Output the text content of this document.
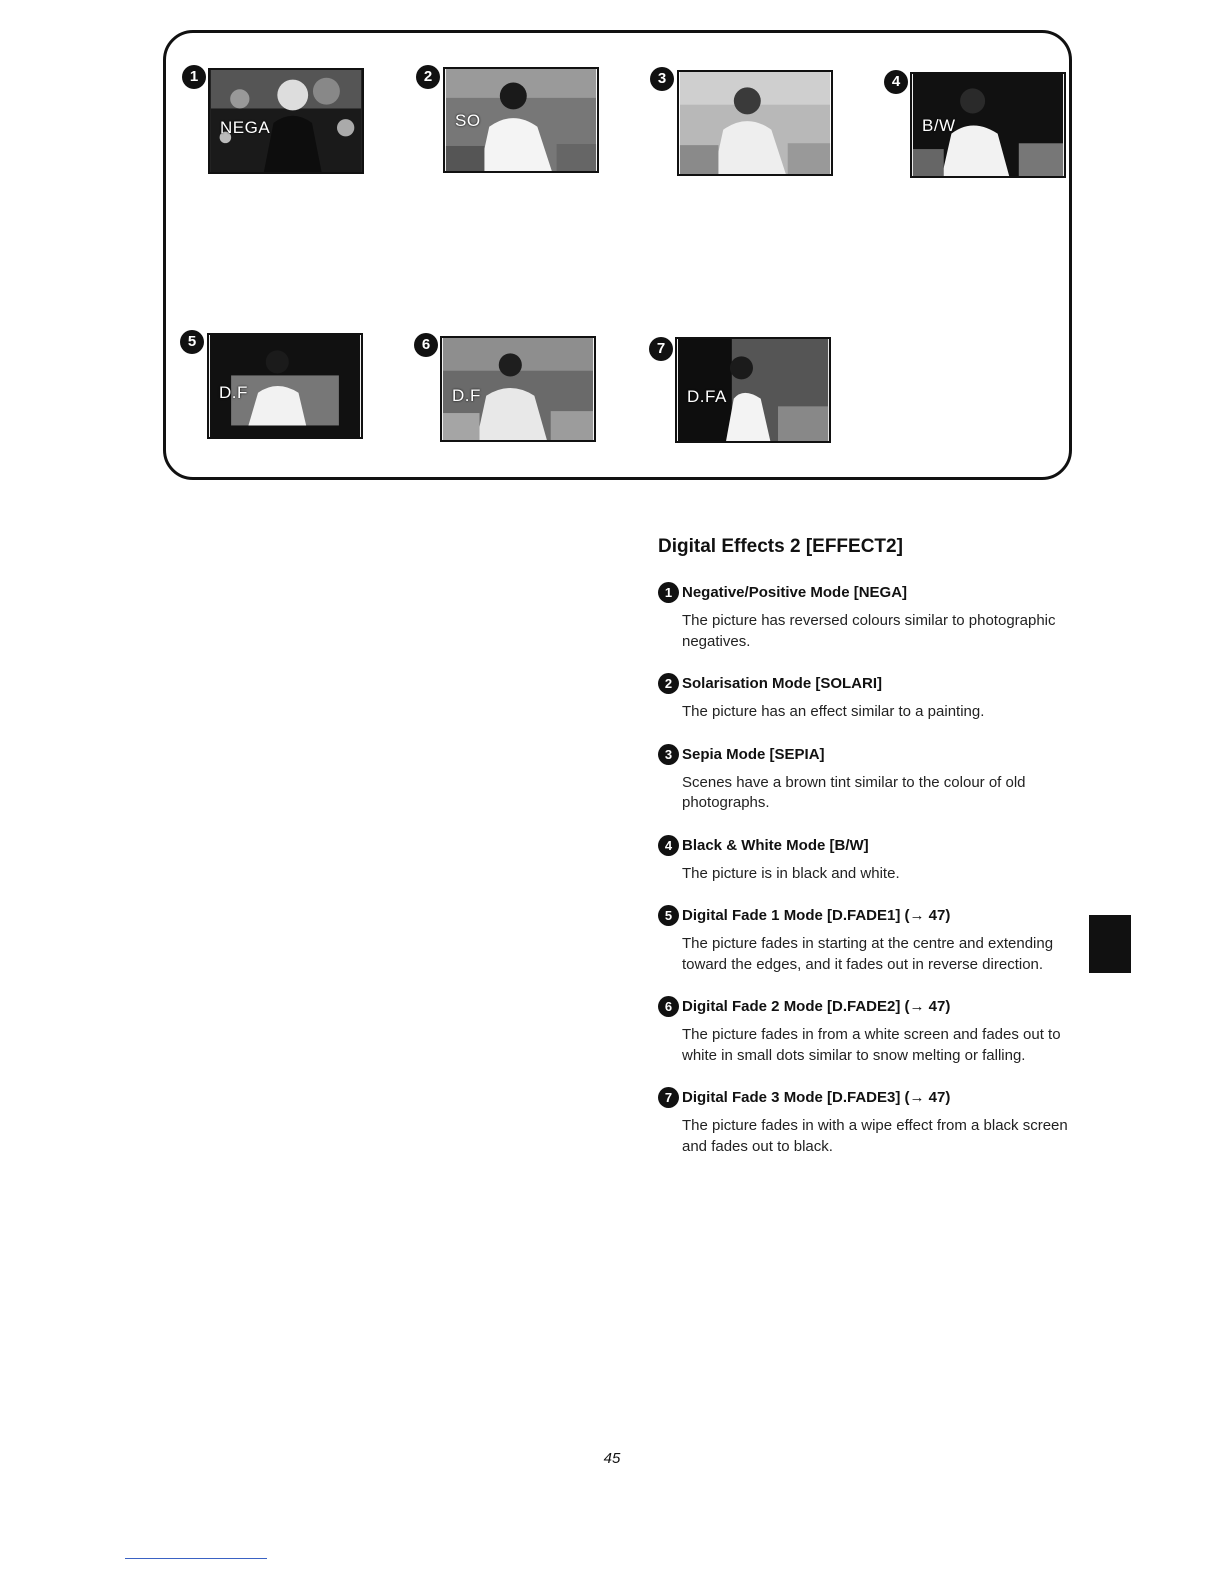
1
NEGA
2
SO
3	4
B/W
5
D.F
6
D.F
7
D.FA
Digital Effects 2 [EFFECT2]
1 Negative/Positive Mode [NEGA]
The picture has reversed colours similar to photographic negatives.
2 Solarisation Mode [SOLARI]
The picture has an effect similar to a painting.
3 Sepia Mode [SEPIA]
Scenes have a brown tint similar to the colour of old photographs.
4 Black & White Mode [B/W]
The picture is in black and white.
5 Digital Fade 1 Mode [D.FADE1] (→ 47)
The picture fades in starting at the centre and extending toward the edges, and it fades out in reverse direction.
6 Digital Fade 2 Mode [D.FADE2] (→ 47)
The picture fades in from a white screen and fades out to white in small dots similar to snow melting or falling.
7 Digital Fade 3 Mode [D.FADE3] (→ 47)
The picture fades in with a wipe effect from a black screen and fades out to black.
45
